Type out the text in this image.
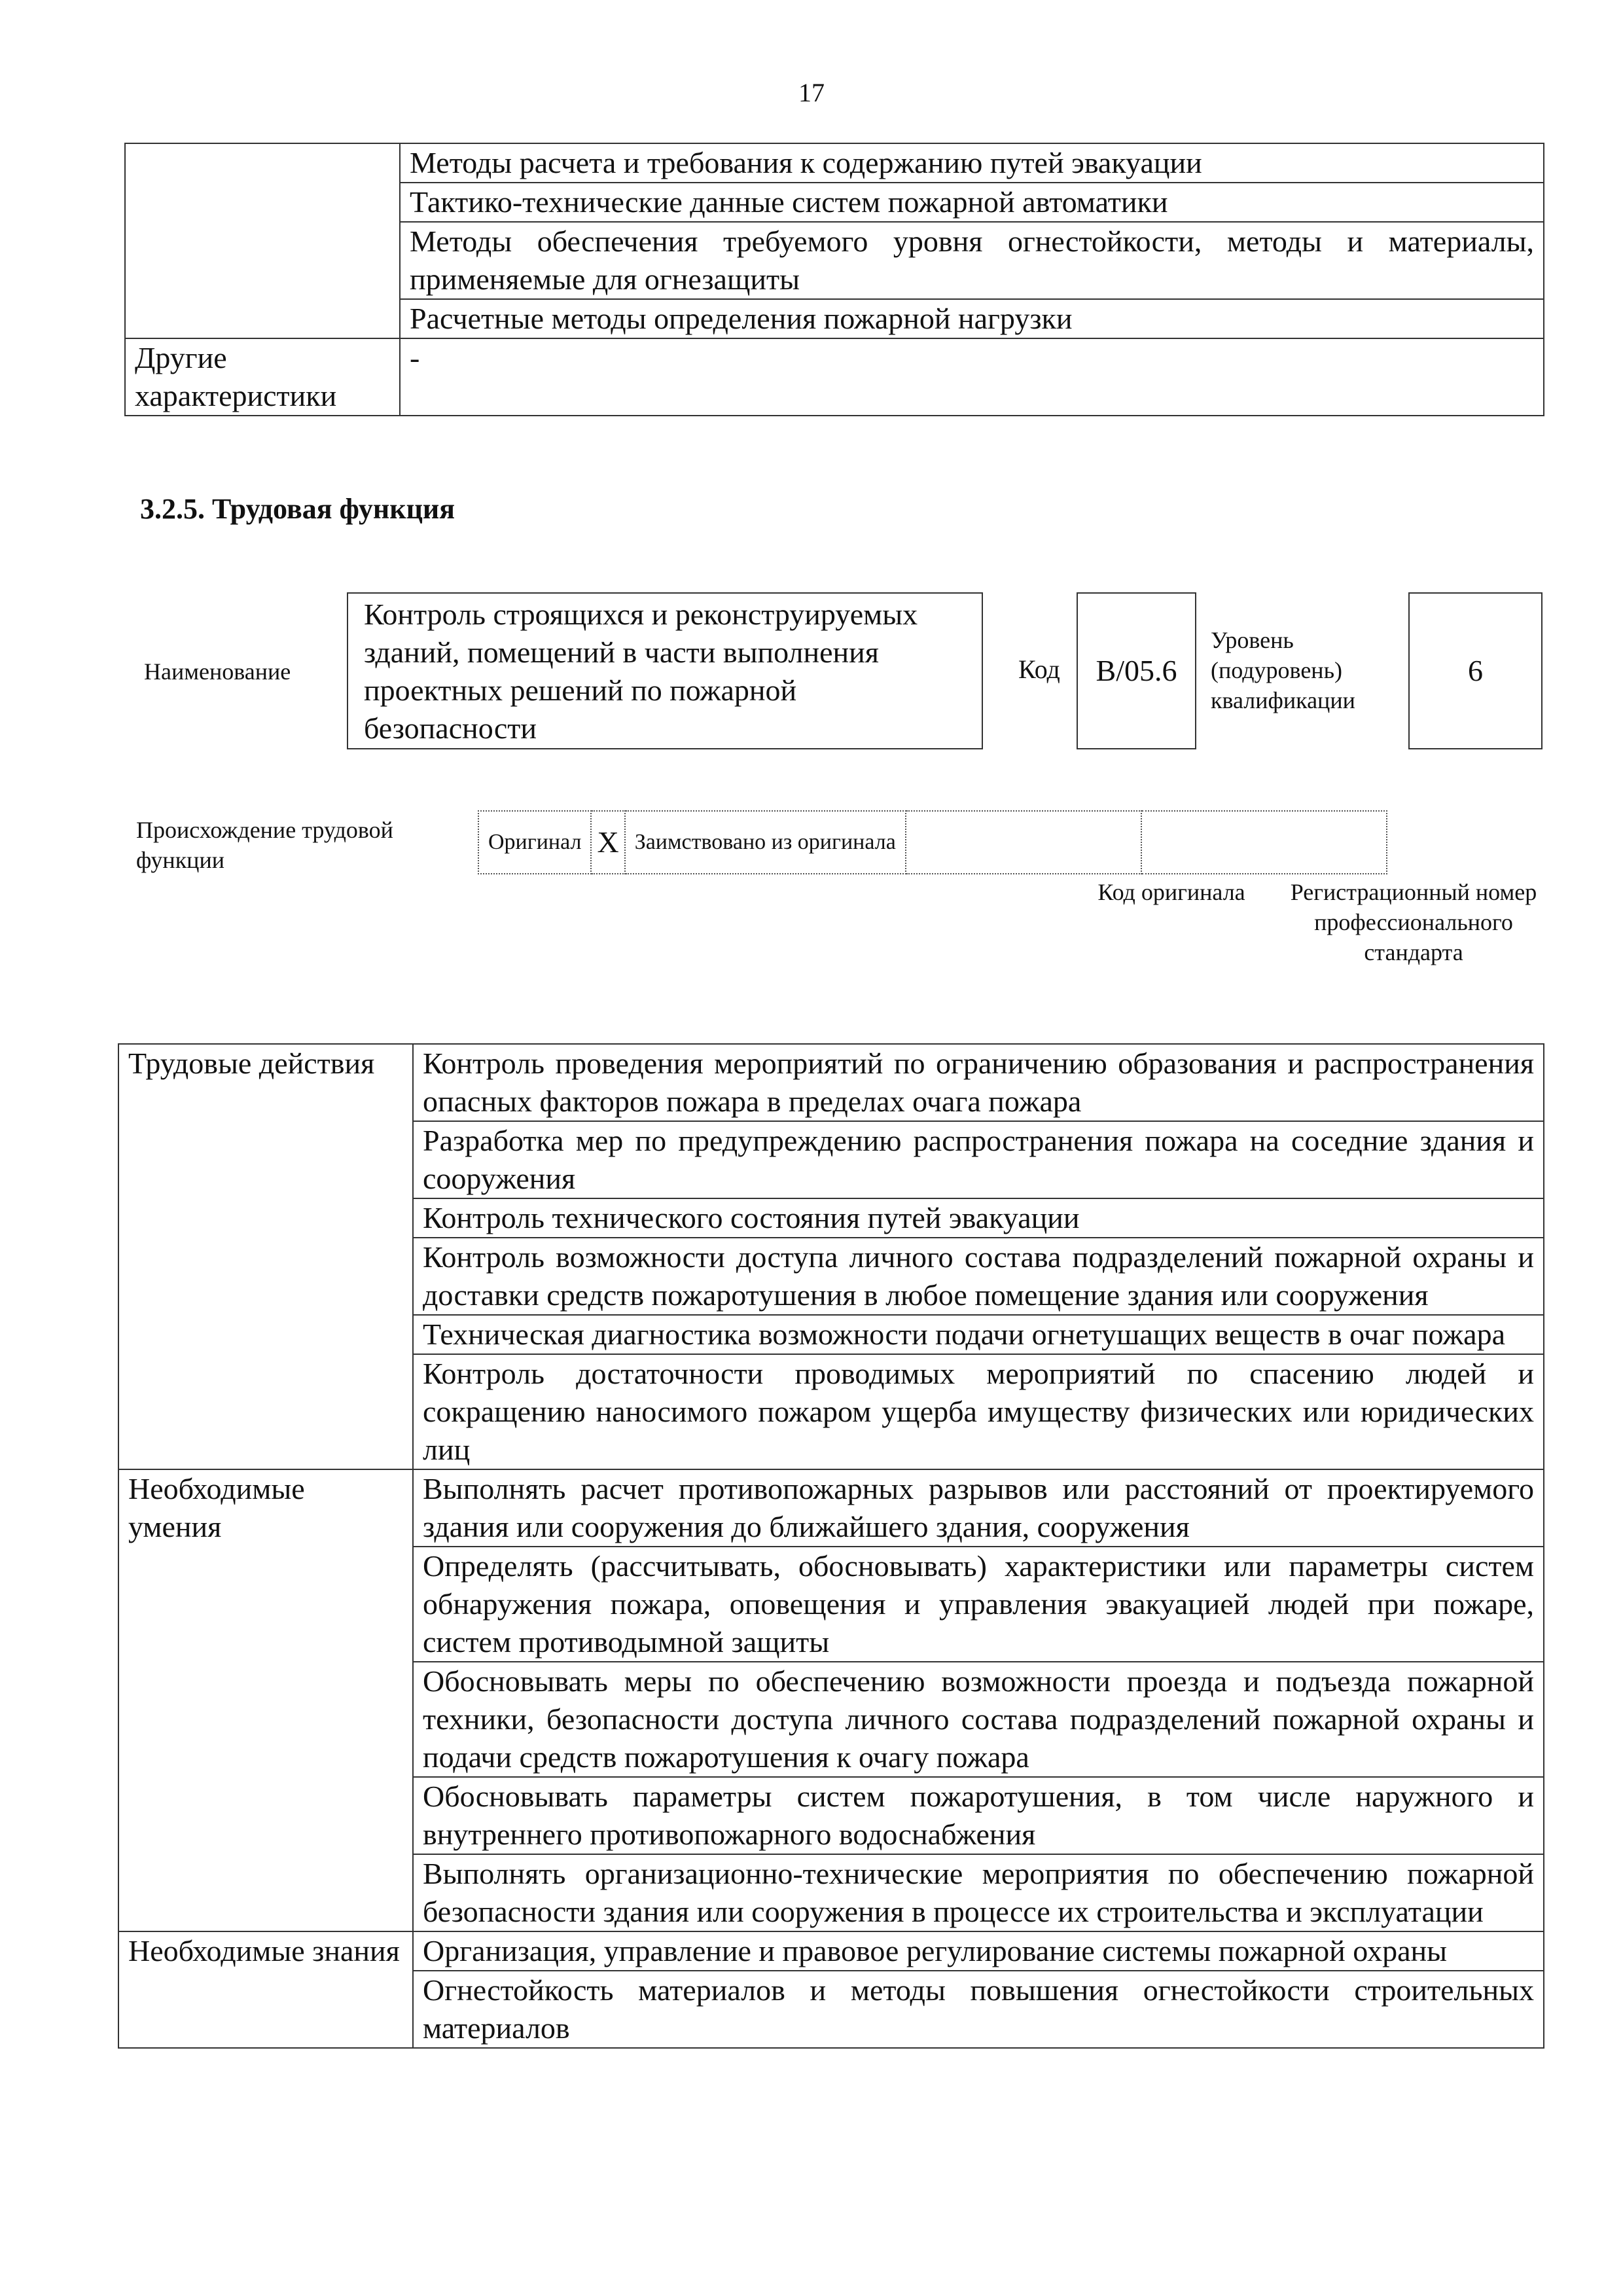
17
	Методы расчета и требования к содержанию путей эвакуации
	Тактико-технические данные систем пожарной автоматики
	Методы обеспечения требуемого уровня огнестойкости, методы и материалы, применяемые для огнезащиты
	Расчетные методы определения пожарной нагрузки
Другие характеристики	-
3.2.5. Трудовая функция
Наименование
Контроль строящихся и реконструируемых зданий, помещений в части выполнения проектных решений по пожарной безопасности
Код	B/05.6
Уровень (подуровень) квалификации
6
Происхождение трудовой функции
Оригинал	X	Заимствовано из оригинала		
Код оригинала	Регистрационный номер профессионального стандарта
Трудовые действия	Контроль проведения мероприятий по ограничению образования и распространения опасных факторов пожара в пределах очага пожара
	Разработка мер по предупреждению распространения пожара на соседние здания и сооружения
	Контроль технического состояния путей эвакуации
	Контроль возможности доступа личного состава подразделений пожарной охраны и доставки средств пожаротушения в любое помещение здания или сооружения
	Техническая диагностика возможности подачи огнетушащих веществ в очаг пожара
	Контроль достаточности проводимых мероприятий по спасению людей и сокращению наносимого пожаром ущерба имуществу физических или юридических лиц
Необходимые умения	Выполнять расчет противопожарных разрывов или расстояний от проектируемого здания или сооружения до ближайшего здания, сооружения
	Определять (рассчитывать, обосновывать) характеристики или параметры систем обнаружения пожара, оповещения и управления эвакуацией людей при пожаре, систем противодымной защиты
	Обосновывать меры по обеспечению возможности проезда и подъезда пожарной техники, безопасности доступа личного состава подразделений пожарной охраны и подачи средств пожаротушения к очагу пожара
	Обосновывать параметры систем пожаротушения, в том числе наружного и внутреннего противопожарного водоснабжения
	Выполнять организационно-технические мероприятия по обеспечению пожарной безопасности здания или сооружения в процессе их строительства и эксплуатации
Необходимые знания	Организация, управление и правовое регулирование системы пожарной охраны
	Огнестойкость материалов и методы повышения огнестойкости строительных материалов
